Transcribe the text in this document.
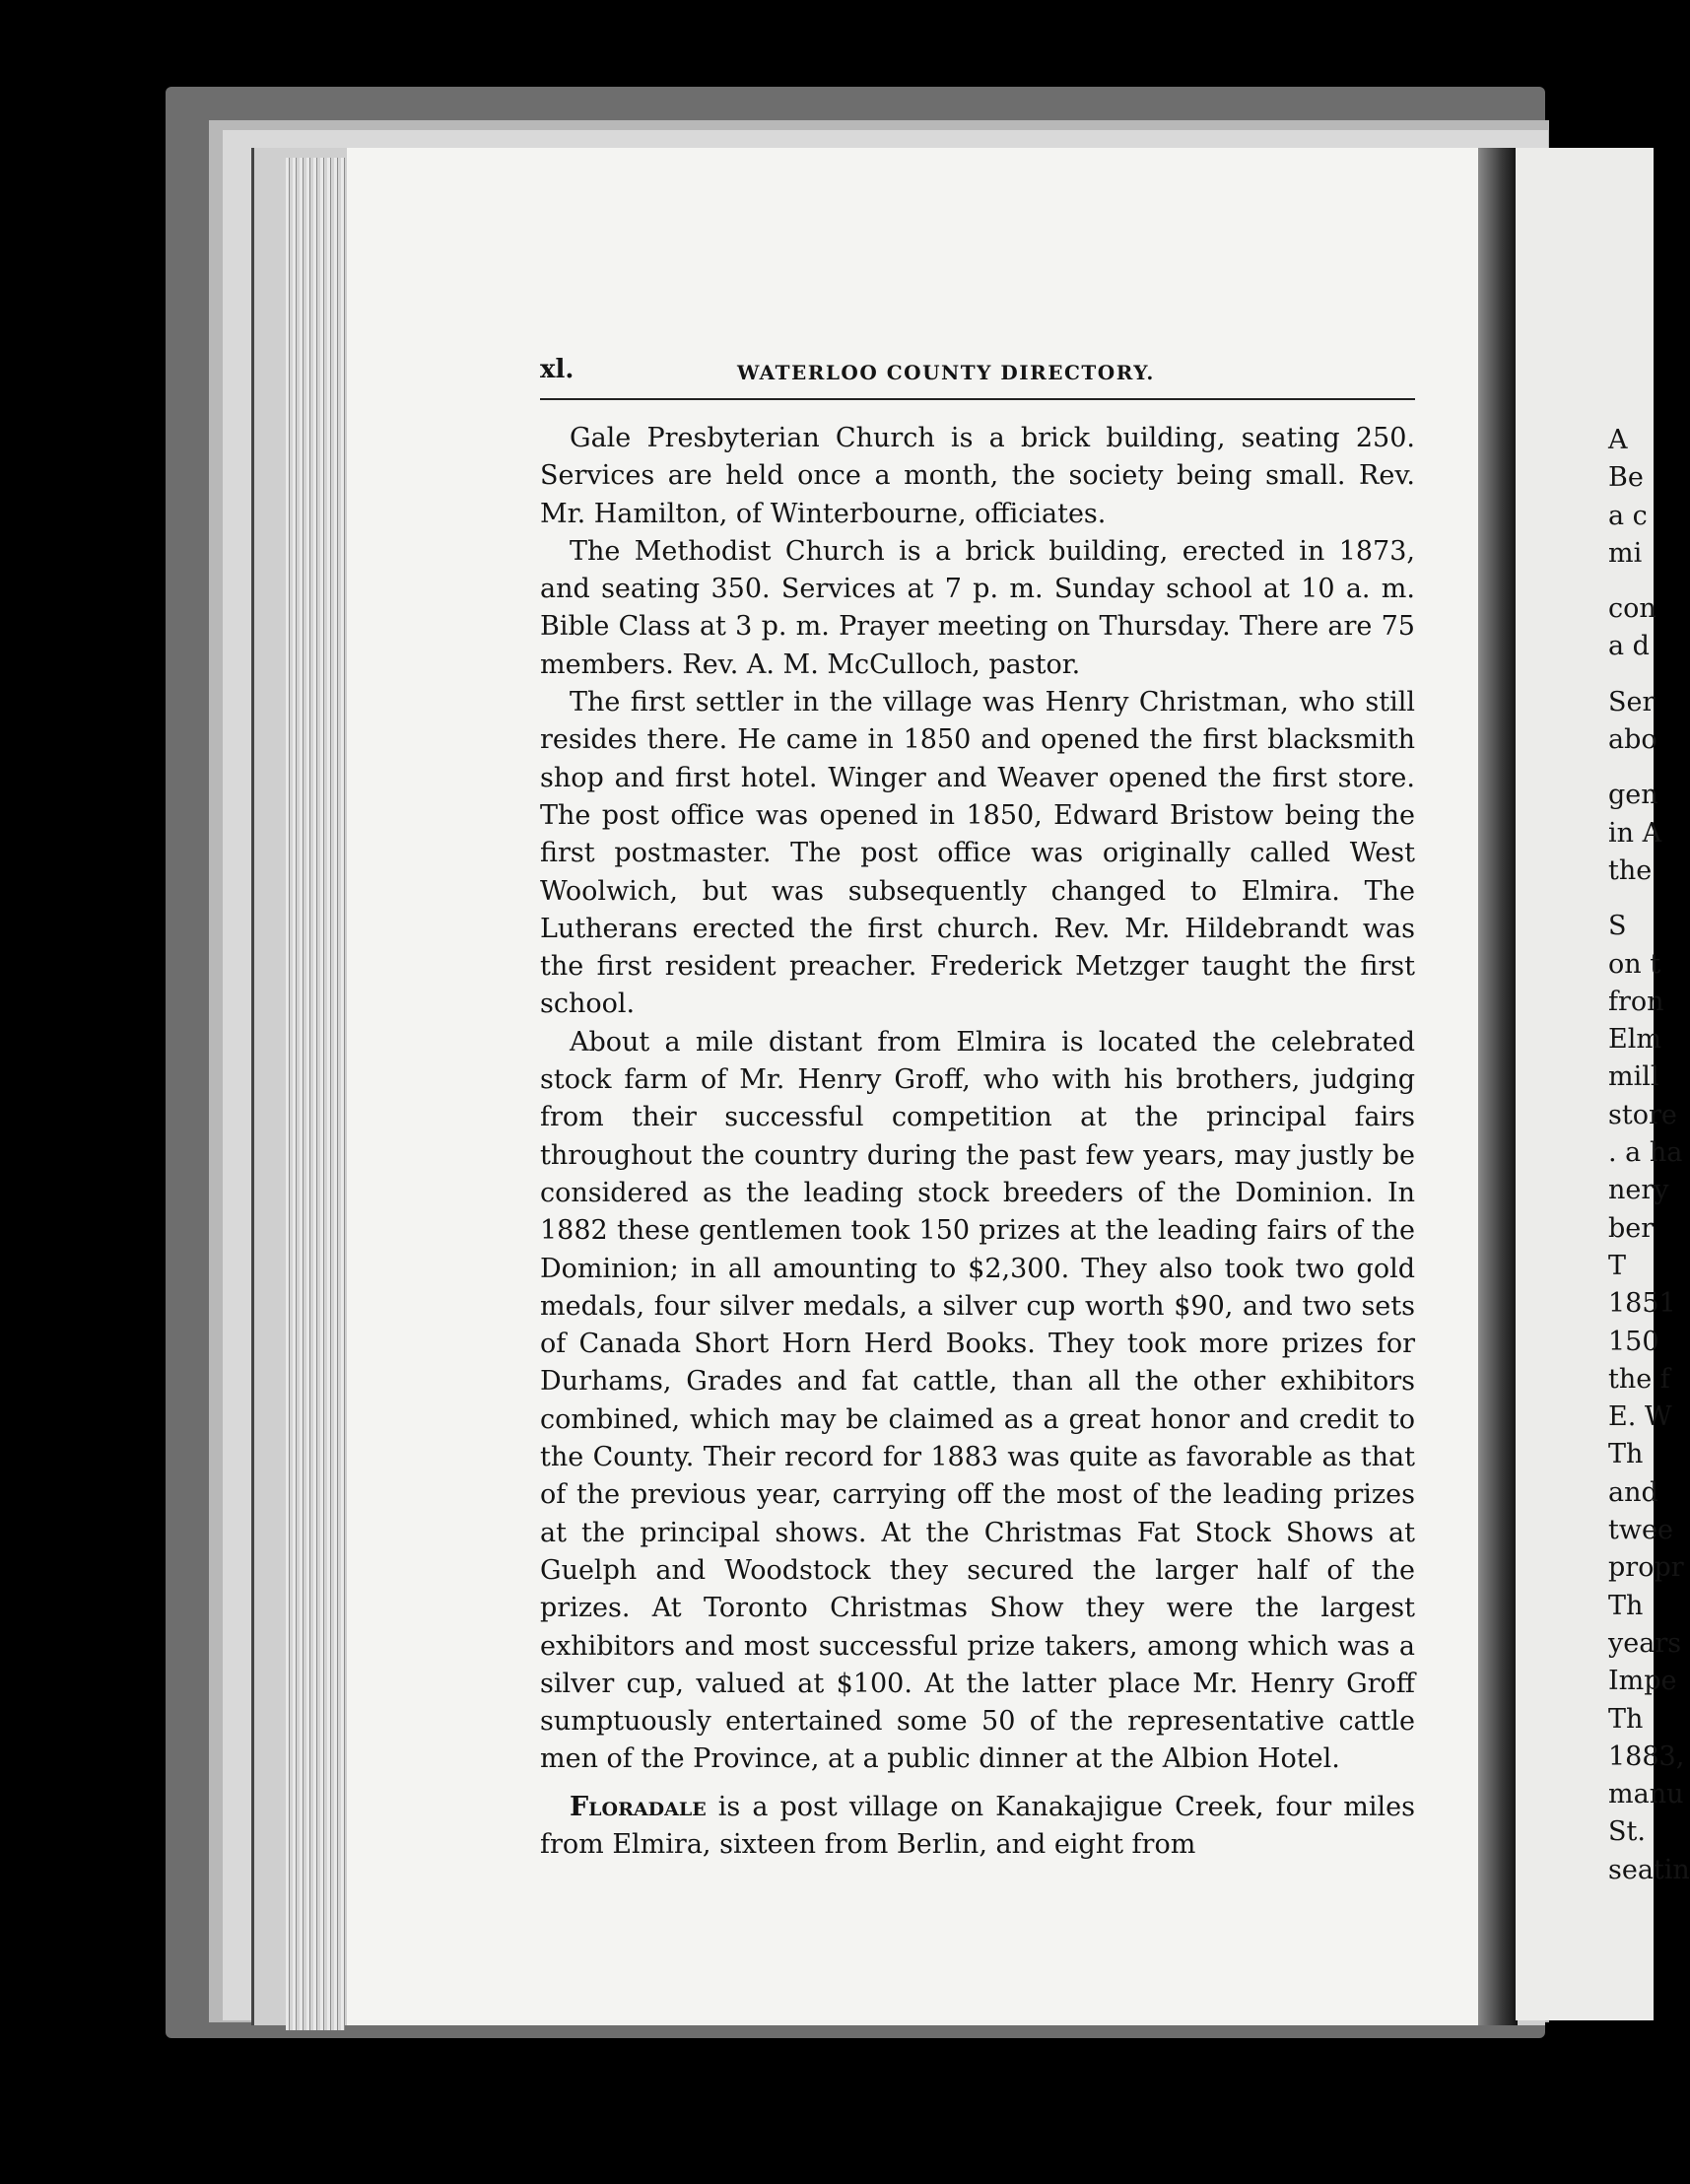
xl.	WATERLOO COUNTY DIRECTORY.

Gale Presbyterian Church is a brick building, seating 250. Services are held once a month, the society being small. Rev. Mr. Hamilton, of Winterbourne, officiates.

The Methodist Church is a brick building, erected in 1873, and seating 350. Services at 7 p. m. Sunday school at 10 a. m. Bible Class at 3 p. m. Prayer meeting on Thursday. There are 75 members. Rev. A. M. McCulloch, pastor.

The first settler in the village was Henry Christman, who still resides there. He came in 1850 and opened the first blacksmith shop and first hotel. Winger and Weaver opened the first store. The post office was opened in 1850, Edward Bristow being the first postmaster. The post office was originally called West Woolwich, but was subsequently changed to Elmira. The Lutherans erected the first church. Rev. Mr. Hildebrandt was the first resident preacher. Frederick Metzger taught the first school.

About a mile distant from Elmira is located the celebrated stock farm of Mr. Henry Groff, who with his brothers, judging from their successful competition at the principal fairs throughout the country during the past few years, may justly be considered as the leading stock breeders of the Dominion. In 1882 these gentlemen took 150 prizes at the leading fairs of the Dominion; in all amounting to $2,300. They also took two gold medals, four silver medals, a silver cup worth $90, and two sets of Canada Short Horn Herd Books. They took more prizes for Durhams, Grades and fat cattle, than all the other exhibitors combined, which may be claimed as a great honor and credit to the County. Their record for 1883 was quite as favorable as that of the previous year, carrying off the most of the leading prizes at the principal shows. At the Christmas Fat Stock Shows at Guelph and Woodstock they secured the larger half of the prizes. At Toronto Christmas Show they were the largest exhibitors and most successful prize takers, among which was a silver cup, valued at $100. At the latter place Mr. Henry Groff sumptuously entertained some 50 of the representative cattle men of the Province, at a public dinner at the Albion Hotel.

Floradale is a post village on Kanakajigue Creek, four miles from Elmira, sixteen from Berlin, and eight from

A
Be
a c
mi
con
a d
Ser
abo
gen
in A
the
S
on t
fron
Elm
mill
store
. a ha
nery
ber
T
1851
150
the f
E. W
Th
and
twee
propr
Th
years
Impe
Th
1883,
manu
St.
seatin
